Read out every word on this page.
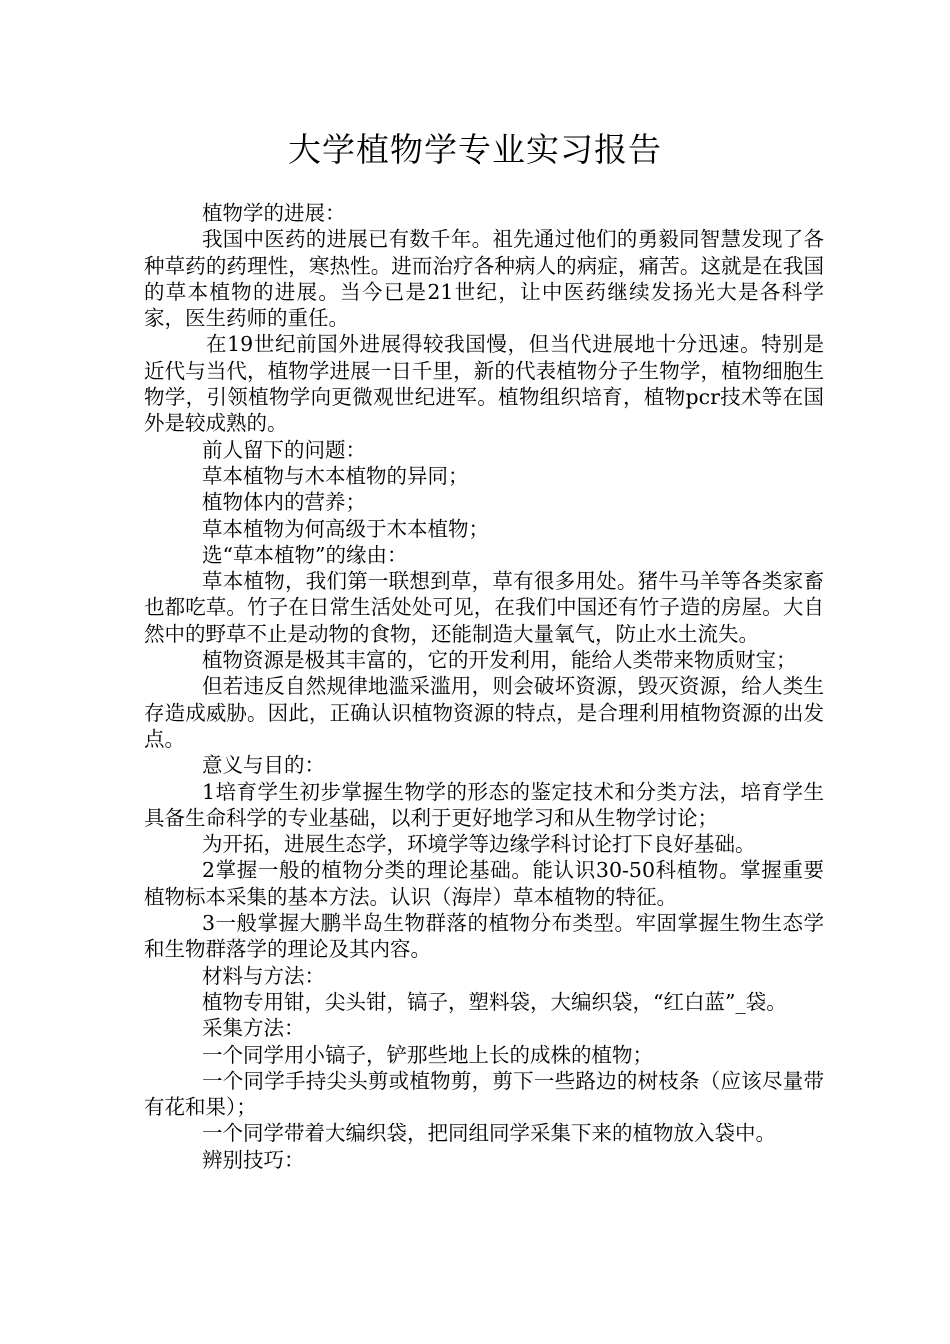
大学植物学专业实习报告

植物学的进展：

我国中医药的进展已有数千年。祖先通过他们的勇毅同智慧发现了各种草药的药理性，寒热性。进而治疗各种病人的病症，痛苦。这就是在我国的草本植物的进展。当今已是21世纪，让中医药继续发扬光大是各科学家，医生药师的重任。

在19世纪前国外进展得较我国慢，但当代进展地十分迅速。特别是近代与当代，植物学进展一日千里，新的代表植物分子生物学，植物细胞生物学，引领植物学向更微观世纪进军。植物组织培育，植物pcr技术等在国外是较成熟的。

前人留下的问题：

草本植物与木本植物的异同；

植物体内的营养；

草本植物为何高级于木本植物；

选“草本植物”的缘由：

草本植物，我们第一联想到草，草有很多用处。猪牛马羊等各类家畜也都吃草。竹子在日常生活处处可见，在我们中国还有竹子造的房屋。大自然中的野草不止是动物的食物，还能制造大量氧气，防止水土流失。

植物资源是极其丰富的，它的开发利用，能给人类带来物质财宝；

但若违反自然规律地滥采滥用，则会破坏资源，毁灭资源，给人类生存造成威胁。因此，正确认识植物资源的特点，是合理利用植物资源的出发点。

意义与目的：

1培育学生初步掌握生物学的形态的鉴定技术和分类方法，培育学生具备生命科学的专业基础，以利于更好地学习和从生物学讨论；

为开拓，进展生态学，环境学等边缘学科讨论打下良好基础。

2掌握一般的植物分类的理论基础。能认识30-50科植物。掌握重要植物标本采集的基本方法。认识（海岸）草本植物的特征。

3一般掌握大鹏半岛生物群落的植物分布类型。牢固掌握生物生态学和生物群落学的理论及其内容。

材料与方法：

植物专用钳，尖头钳，镐子，塑料袋，大编织袋，“红白蓝”_袋。

采集方法：

一个同学用小镐子，铲那些地上长的成株的植物；

一个同学手持尖头剪或植物剪，剪下一些路边的树枝条（应该尽量带有花和果）；

一个同学带着大编织袋，把同组同学采集下来的植物放入袋中。

辨别技巧：
